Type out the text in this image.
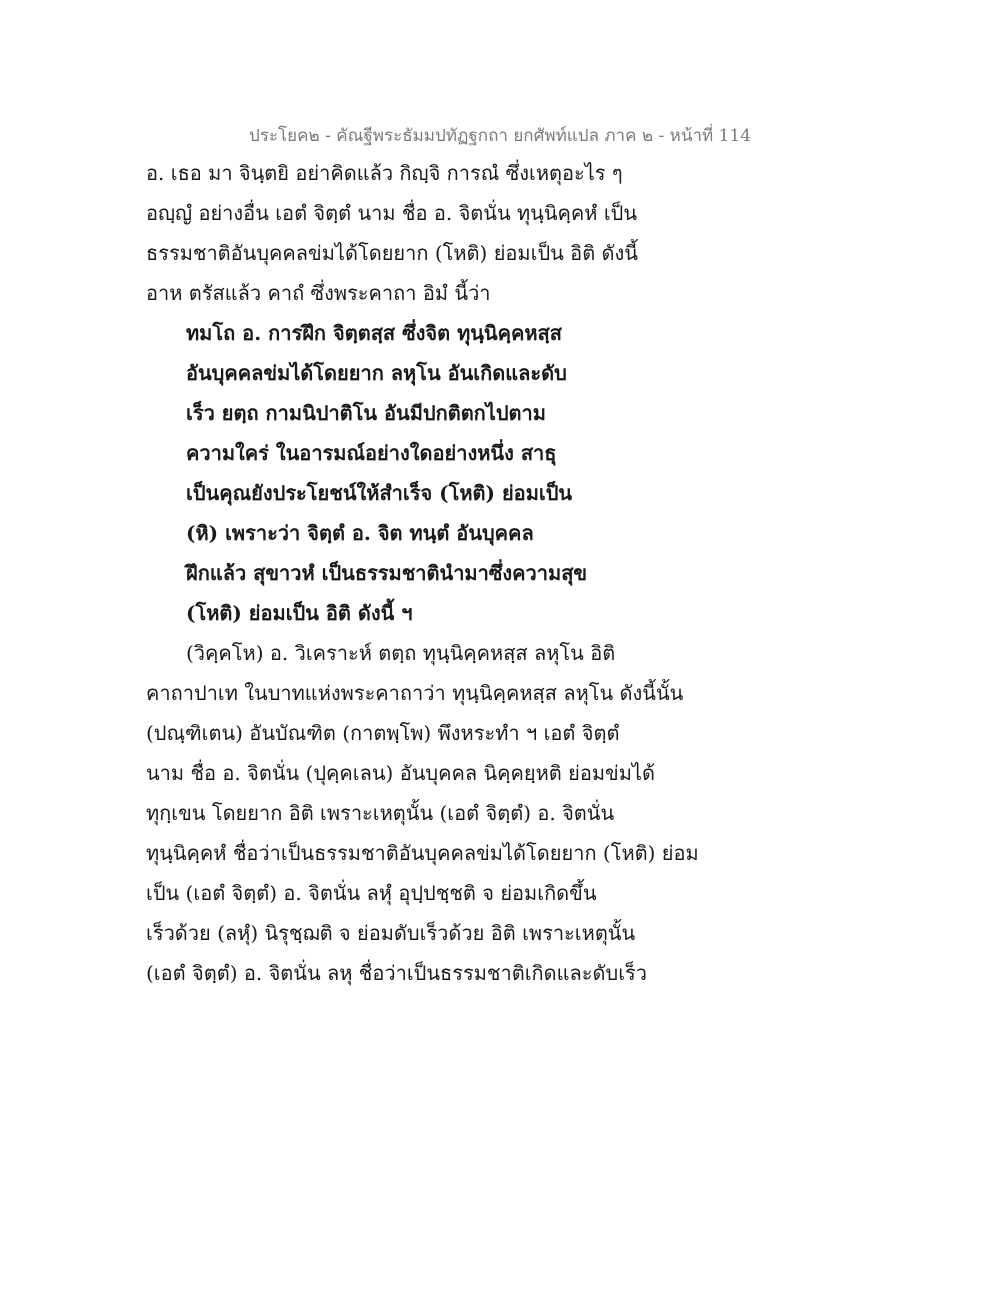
ประโยค๒ - คัณฐีพระธัมมปทัฏฐกถา ยกศัพท์แปล ภาค ๒ - หน้าที่ 114
อ. เธอ มา จินฺตยิ อย่าคิดแล้ว กิญฺจิ การณํ ซึ่งเหตุอะไร ๆ
อญฺญํ อย่างอื่น เอตํ จิตฺตํ นาม ชื่อ อ. จิตนั่น ทุนฺนิคฺคหํ เป็น
ธรรมชาติอันบุคคลข่มได้โดยยาก (โหติ) ย่อมเป็น อิติ ดังนี้
อาห ตรัสแล้ว คาถํ ซึ่งพระคาถา อิมํ นี้ว่า
ทมโถ อ. การฝึก จิตฺตสฺส ซึ่งจิต ทุนฺนิคฺคหสฺส
อันบุคคลข่มได้โดยยาก ลหุโน อันเกิดและดับ
เร็ว ยตฺถ กามนิปาติโน อันมีปกติตกไปตาม
ความใคร่ ในอารมณ์อย่างใดอย่างหนึ่ง สาธุ
เป็นคุณยังประโยชน์ให้สำเร็จ (โหติ) ย่อมเป็น
(หิ) เพราะว่า จิตฺตํ อ. จิต ทนฺตํ อันบุคคล
ฝึกแล้ว สุขาวหํ เป็นธรรมชาตินำมาซึ่งความสุข
(โหติ) ย่อมเป็น อิติ ดังนี้ ฯ
(วิคฺคโห) อ. วิเคราะห์ ตตฺถ ทุนฺนิคฺคหสฺส ลหุโน อิติ
คาถาปาเท ในบาทแห่งพระคาถาว่า ทุนฺนิคฺคหสฺส ลหุโน ดังนี้นั้น
(ปณฺฑิเตน) อันบัณฑิต (กาตพฺโพ) พึงหระทำ ฯ เอตํ จิตฺตํ
นาม ชื่อ อ. จิตนั่น (ปุคฺคเลน) อันบุคคล นิคฺคยฺหติ ย่อมข่มได้
ทุกฺเขน โดยยาก อิติ เพราะเหตุนั้น (เอตํ จิตฺตํ) อ. จิตนั่น
ทุนฺนิคฺคหํ ชื่อว่าเป็นธรรมชาติอันบุคคลข่มได้โดยยาก (โหติ) ย่อม
เป็น (เอตํ จิตฺตํ) อ. จิตนั่น ลหุํ อุปฺปชฺชติ จ ย่อมเกิดขึ้น
เร็วด้วย (ลหุํ) นิรุชฺฌติ จ ย่อมดับเร็วด้วย อิติ เพราะเหตุนั้น
(เอตํ จิตฺตํ) อ. จิตนั่น ลหุ ชื่อว่าเป็นธรรมชาติเกิดและดับเร็ว
